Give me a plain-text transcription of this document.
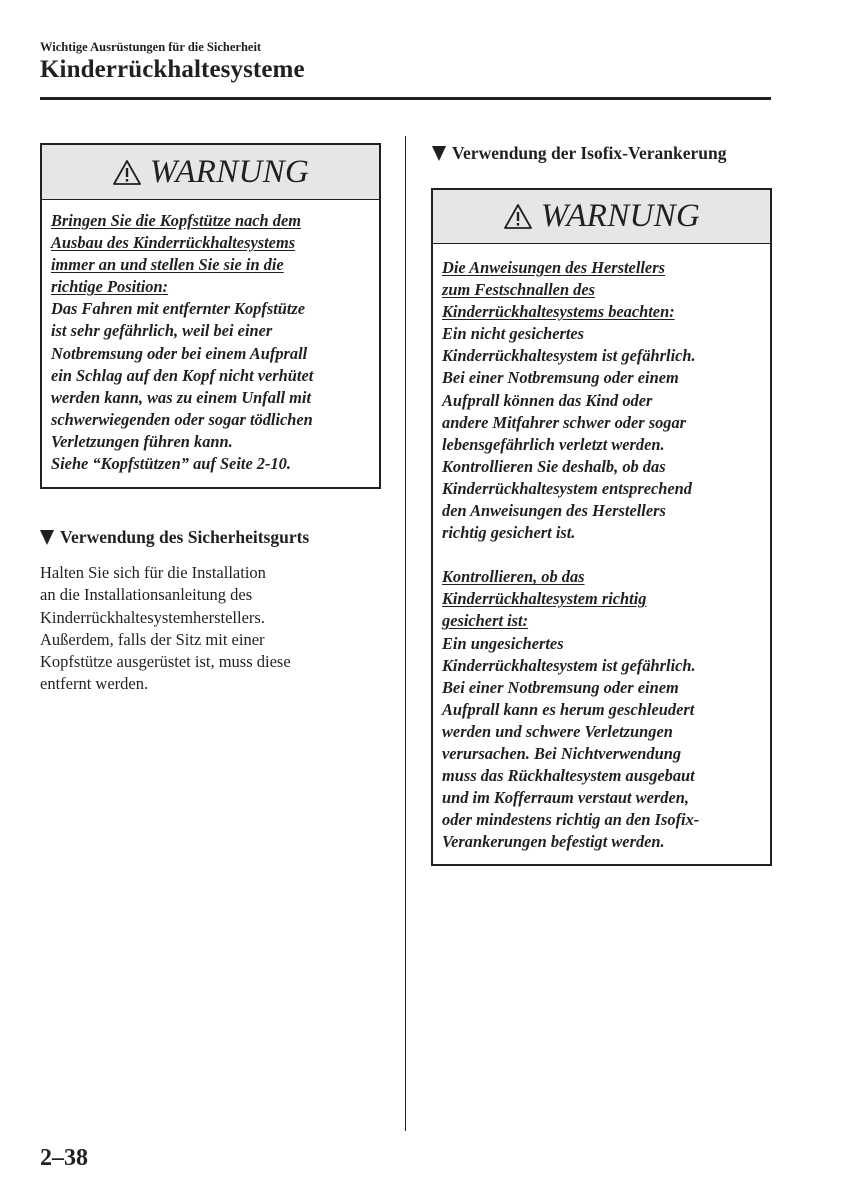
Wichtige Ausrüstungen für die Sicherheit
Kinderrückhaltesysteme
WARNUNG
Bringen Sie die Kopfstütze nach dem
Ausbau des Kinderrückhaltesystems
immer an und stellen Sie sie in die
richtige Position:
Das Fahren mit entfernter Kopfstütze
ist sehr gefährlich, weil bei einer
Notbremsung oder bei einem Aufprall
ein Schlag auf den Kopf nicht verhütet
werden kann, was zu einem Unfall mit
schwerwiegenden oder sogar tödlichen
Verletzungen führen kann.
Siehe “Kopfstützen” auf Seite 2-10.
Verwendung des Sicherheitsgurts
Halten Sie sich für die Installation
an die Installationsanleitung des
Kinderrückhaltesystemherstellers.
Außerdem, falls der Sitz mit einer
Kopfstütze ausgerüstet ist, muss diese
entfernt werden.
Verwendung der Isofix-Verankerung
WARNUNG
Die Anweisungen des Herstellers
zum Festschnallen des
Kinderrückhaltesystems beachten:
Ein nicht gesichertes
Kinderrückhaltesystem ist gefährlich.
Bei einer Notbremsung oder einem
Aufprall können das Kind oder
andere Mitfahrer schwer oder sogar
lebensgefährlich verletzt werden.
Kontrollieren Sie deshalb, ob das
Kinderrückhaltesystem entsprechend
den Anweisungen des Herstellers
richtig gesichert ist.
Kontrollieren, ob das
Kinderrückhaltesystem richtig
gesichert ist:
Ein ungesichertes
Kinderrückhaltesystem ist gefährlich.
Bei einer Notbremsung oder einem
Aufprall kann es herum geschleudert
werden und schwere Verletzungen
verursachen. Bei Nichtverwendung
muss das Rückhaltesystem ausgebaut
und im Kofferraum verstaut werden,
oder mindestens richtig an den Isofix-
Verankerungen befestigt werden.
2–38
